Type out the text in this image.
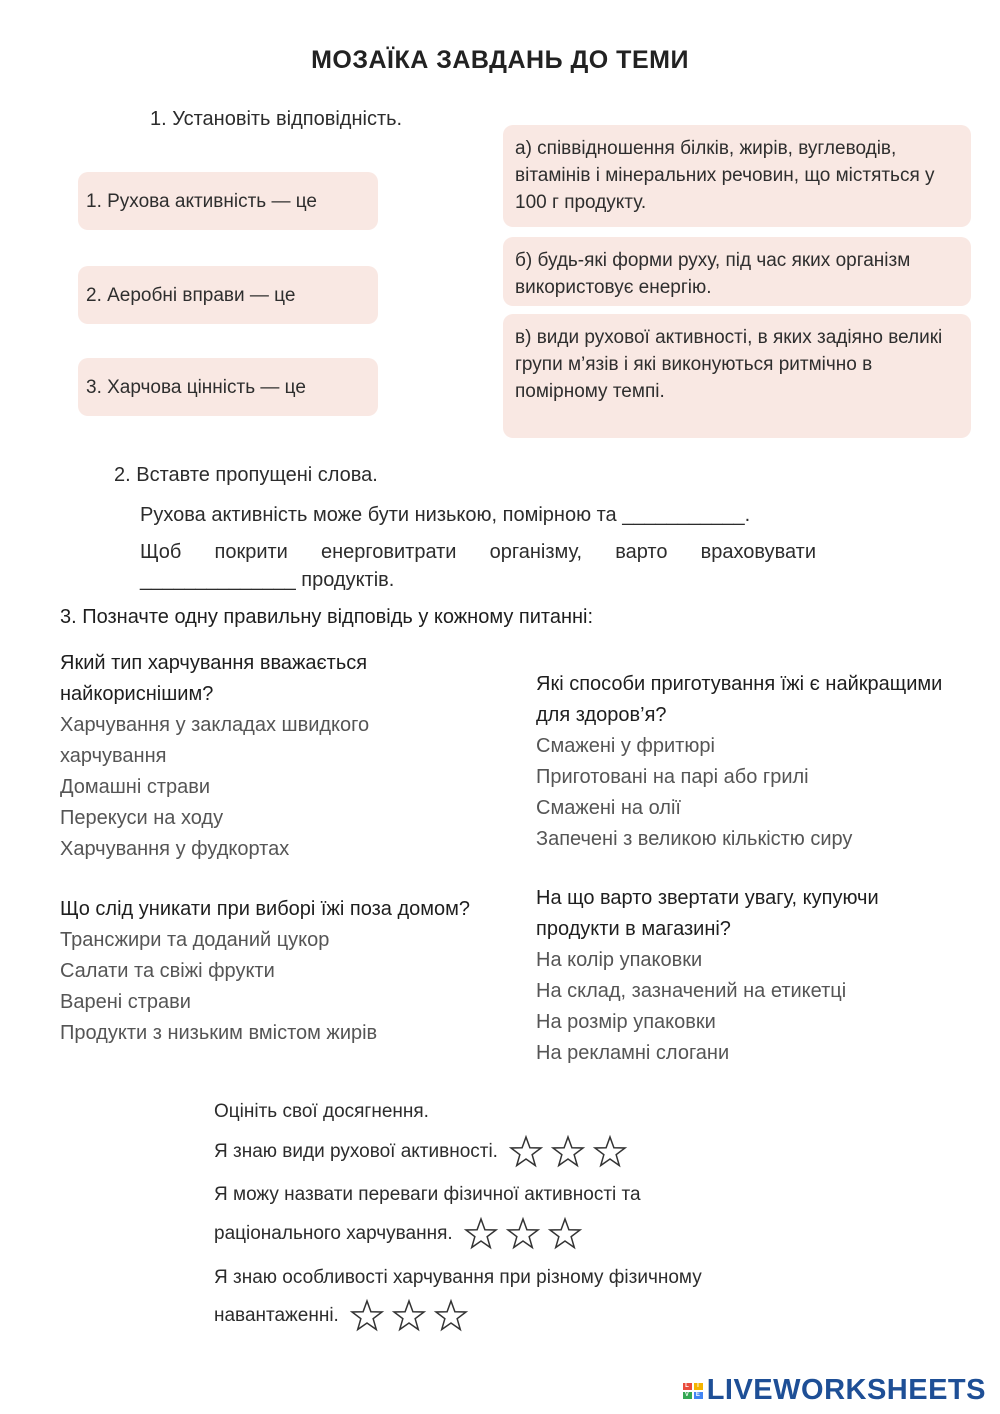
МОЗАЇКА ЗАВДАНЬ ДО ТЕМИ
1. Установіть відповідність.
1. Рухова активність — це
2. Аеробні вправи — це
3. Харчова цінність — це
а) співвідношення білків, жирів, вуглеводів, вітамінів і мінеральних речовин, що містяться у 100 г продукту.
б) будь-які форми руху, під час яких організм використовує енергію.
в) види рухової активності, в яких задіяно великі групи м’язів і які виконуються ритмічно в помірному темпі.
2. Вставте пропущені слова.
Рухова активність може бути низькою, помірною та ___________.
Щоб покрити енерговитрати організму, варто враховувати
______________ продуктів.
3. Позначте одну правильну відповідь у кожному питанні:
Який тип харчування вважається найкориснішим?
Харчування у закладах швидкого харчування
Домашні страви
Перекуси на ходу
Харчування у фудкортах
Які способи приготування їжі є найкращими для здоров’я?
Смажені у фритюрі
Приготовані на парі або грилі
Смажені на олії
Запечені з великою кількістю сиру
Що слід уникати при виборі їжі поза домом?
Трансжири та доданий цукор
Салати та свіжі фрукти
Варені страви
Продукти з низьким вмістом жирів
На що варто звертати увагу, купуючи продукти в магазині?
На колір упаковки
На склад, зазначений на етикетці
На розмір упаковки
На рекламні слогани
Оцініть свої досягнення.
Я знаю види рухової активності.
Я можу назвати переваги фізичної активності та
раціонального харчування.
Я знаю особливості харчування при різному фізичному
навантаженні.
L	I
V	E LIVEWORKSHEETS
